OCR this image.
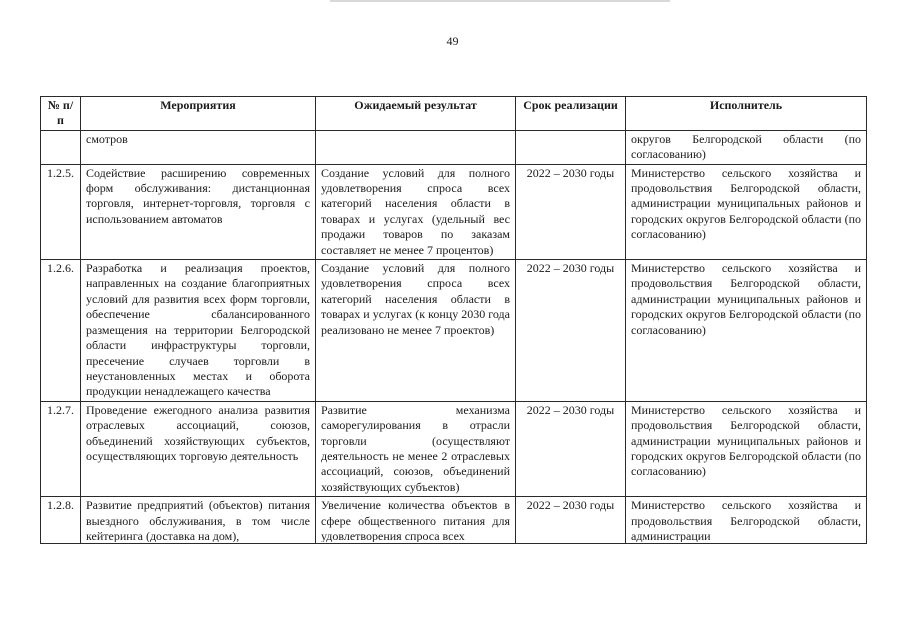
49
№ п/п	Мероприятия	Ожидаемый результат	Срок реализации	Исполнитель
	смотров			округов Белгородской области (по согласованию)
1.2.5.	Содействие расширению современных форм обслуживания: дистанционная торговля, интернет-торговля, торговля с использованием автоматов	Создание условий для полного удовлетворения спроса всех категорий населения области в товарах и услугах (удельный вес продажи товаров по заказам составляет не менее 7 процентов)	2022 – 2030 годы	Министерство сельского хозяйства и продовольствия Белгородской области, администрации муниципальных районов и городских округов Белгородской области (по согласованию)
1.2.6.	Разработка и реализация проектов, направленных на создание благоприятных условий для развития всех форм торговли, обеспечение сбалансированного размещения на территории Белгородской области инфраструктуры торговли, пресечение случаев торговли в неустановленных местах и оборота продукции ненадлежащего качества	Создание условий для полного удовлетворения спроса всех категорий населения области в товарах и услугах (к концу 2030 года реализовано не менее 7 проектов)	2022 – 2030 годы	Министерство сельского хозяйства и продовольствия Белгородской области, администрации муниципальных районов и городских округов Белгородской области (по согласованию)
1.2.7.	Проведение ежегодного анализа развития отраслевых ассоциаций, союзов, объединений хозяйствующих субъектов, осуществляющих торговую деятельность	Развитие механизма саморегулирования в отрасли торговли (осуществляют деятельность не менее 2 отраслевых ассоциаций, союзов, объединений хозяйствующих субъектов)	2022 – 2030 годы	Министерство сельского хозяйства и продовольствия Белгородской области, администрации муниципальных районов и городских округов Белгородской области (по согласованию)

1.2.8.	Развитие предприятий (объектов) питания выездного обслуживания, в том числе кейтеринга (доставка на дом),	Увеличение количества объектов в сфере общественного питания для удовлетворения спроса всех	2022 – 2030 годы	Министерство сельского хозяйства и продовольствия Белгородской области, администрации
